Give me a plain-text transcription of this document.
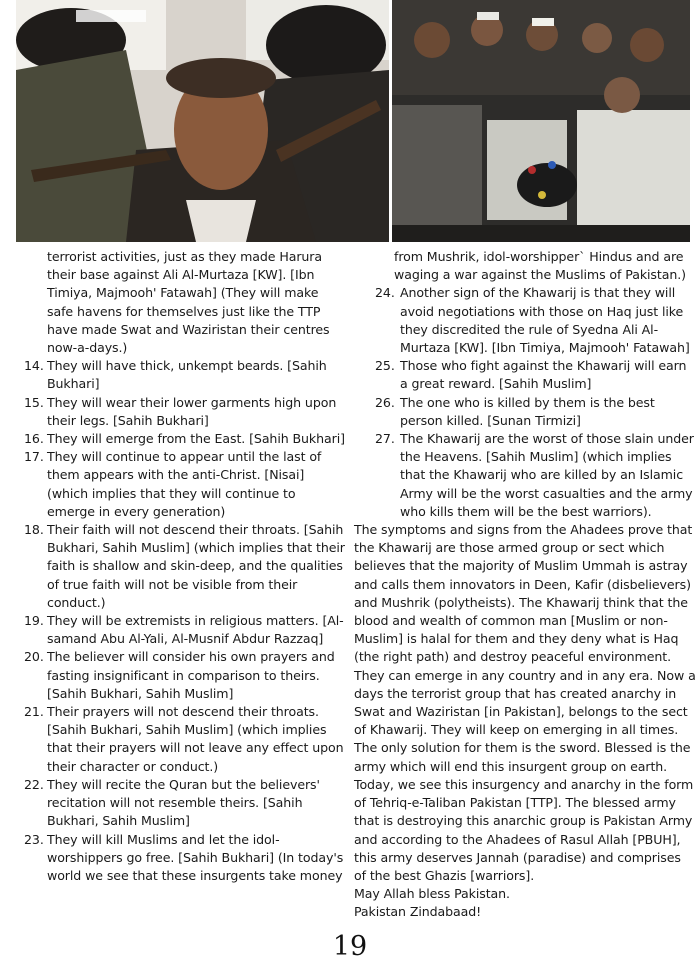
terrorist activities, just as they made Harura their base against Ali Al-Murtaza [KW]. [Ibn Timiya, Majmooh' Fatawah] (They will make safe havens for themselves just like the TTP have made Swat and Waziristan their centres now-a-days.)

14. They will have thick, unkempt beards. [Sahih Bukhari]
15. They will wear their lower garments high upon their legs. [Sahih Bukhari]
16. They will emerge from the East. [Sahih Bukhari]
17. They will continue to appear until the last of them appears with the anti-Christ. [Nisai] (which implies that they will continue to emerge in every generation)
18. Their faith will not descend their throats. [Sahih Bukhari, Sahih Muslim] (which implies that their faith is shallow and skin-deep, and the qualities of true faith will not be visible from their conduct.)
19. They will be extremists in religious matters. [Al-samand Abu Al-Yali, Al-Musnif Abdur Razzaq]
20. The believer will consider his own prayers and fasting insignificant in comparison to theirs. [Sahih Bukhari, Sahih Muslim]
21. Their prayers will not descend their throats. [Sahih Bukhari, Sahih Muslim] (which implies that their prayers will not leave any effect upon their character or conduct.)
22. They will recite the Quran but the believers' recitation will not resemble theirs. [Sahih Bukhari, Sahih Muslim]
23. They will kill Muslims and let the idol-worshippers go free. [Sahih Bukhari] (In today's world we see that these insurgents take money

from Mushrik, idol-worshipper` Hindus and are waging a war against the Muslims of Pakistan.)

24. Another sign of the Khawarij is that they will avoid negotiations with those on Haq just like they discredited the rule of Syedna Ali Al-Murtaza [KW]. [Ibn Timiya, Majmooh' Fatawah]
25. Those who fight against the Khawarij will earn a great reward. [Sahih Muslim]
26. The one who is killed by them is the best person killed. [Sunan Tirmizi]
27. The Khawarij are the worst of those slain under the Heavens. [Sahih Muslim] (which implies that the Khawarij who are killed by an Islamic Army will be the worst casualties and the army who kills them will be the best warriors).

The symptoms and signs from the Ahadees prove that the Khawarij are those armed group or sect which believes that the majority of Muslim Ummah is astray and calls them innovators in Deen, Kafir (disbelievers) and Mushrik (polytheists). The Khawarij think that the blood and wealth of common man [Muslim or non-Muslim] is halal for them and they deny what is Haq (the right path) and destroy peaceful environment. They can emerge in any country and in any era. Now a days the terrorist group that has created anarchy in Swat and Waziristan [in Pakistan], belongs to the sect of Khawarij. They will keep on emerging in all times. The only solution for them is the sword. Blessed is the army which will end this insurgent group on earth. Today, we see this insurgency and anarchy in the form of Tehriq-e-Taliban Pakistan [TTP]. The blessed army that is destroying this anarchic group is Pakistan Army and according to the Ahadees of Rasul Allah [PBUH], this army deserves Jannah (paradise) and comprises of the best Ghazis [warriors].

May Allah bless Pakistan.

Pakistan Zindabaad!

19
